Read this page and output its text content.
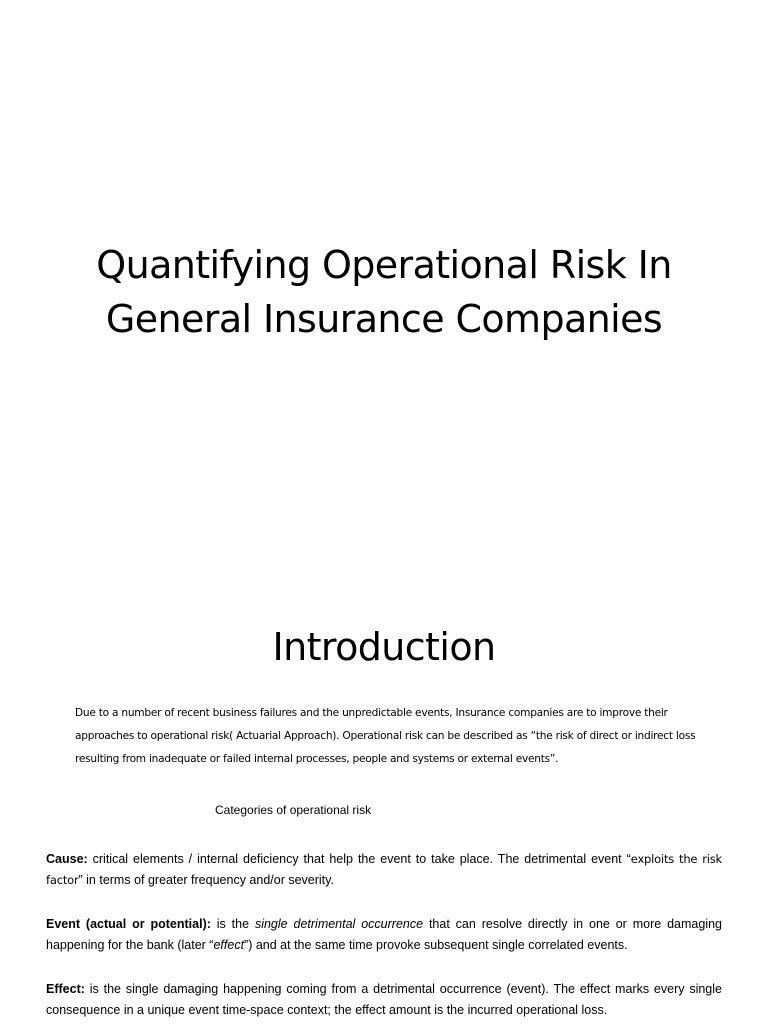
Quantifying Operational Risk In
General Insurance Companies
Introduction
Due to a number of recent business failures and the unpredictable events, Insurance companies are to improve their approaches to operational risk( Actuarial Approach). Operational risk can be described as “the risk of direct or indirect loss resulting from inadequate or failed internal processes, people and systems or external events”.
Categories of operational risk
Cause: critical elements / internal deficiency that help the event to take place. The detrimental event “exploits the risk factor” in terms of greater frequency and/or severity.
Event (actual or potential): is the single detrimental occurrence that can resolve directly in one or more damaging happening for the bank (later “effect”) and at the same time provoke subsequent single correlated events.
Effect: is the single damaging happening coming from a detrimental occurrence (event). The effect marks every single consequence in a unique event time-space context; the effect amount is the incurred operational loss.
